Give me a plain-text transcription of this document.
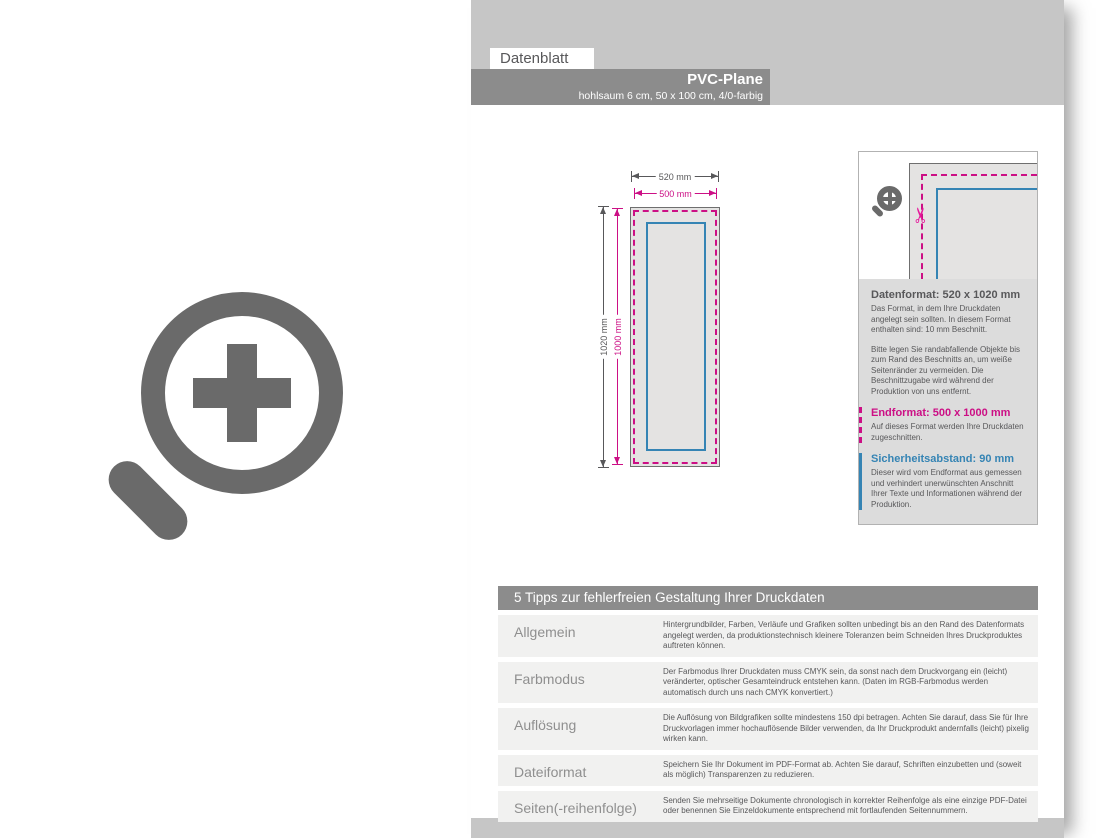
Datenblatt
PVC-Plane
hohlsaum 6 cm, 50 x 100 cm, 4/0-farbig
520 mm
500 mm
1020 mm 1000 mm
✂
Datenformat: 520 x 1020 mm

Das Format, in dem Ihre Druckdaten angelegt sein sollten. In diesem Format enthalten sind: 10 mm Beschnitt.

Bitte legen Sie randabfallende Objekte bis zum Rand des Beschnitts an, um weiße Seitenränder zu vermeiden. Die Beschnittzugabe wird während der Produktion von uns entfernt.

Endformat: 500 x 1000 mm

Auf dieses Format werden Ihre Druckdaten zugeschnitten.

Sicherheitsabstand: 90 mm

Dieser wird vom Endformat aus gemessen und verhindert unerwünschten Anschnitt Ihrer Texte und Informationen während der Produktion.

5 Tipps zur fehlerfreien Gestaltung Ihrer Druckdaten
Allgemein	Hintergrundbilder, Farben, Verläufe und Grafiken sollten unbedingt bis an den Rand des Datenformats angelegt werden, da produktionstechnisch kleinere Toleranzen beim Schneiden Ihres Druckproduktes auftreten können.
Farbmodus	Der Farbmodus Ihrer Druckdaten muss CMYK sein, da sonst nach dem Druckvorgang ein (leicht) veränderter, optischer Gesamteindruck entstehen kann. (Daten im RGB-Farbmodus werden automatisch durch uns nach CMYK konvertiert.)
Auflösung	Die Auflösung von Bildgrafiken sollte mindestens 150 dpi betragen. Achten Sie darauf, dass Sie für Ihre Druckvorlagen immer hochauflösende Bilder verwenden, da Ihr Druckprodukt andernfalls (leicht) pixelig wirken kann.
Dateiformat	Speichern Sie Ihr Dokument im PDF-Format ab. Achten Sie darauf, Schriften einzubetten und (soweit als möglich) Transparenzen zu reduzieren.
Seiten(-reihenfolge)	Senden Sie mehrseitige Dokumente chronologisch in korrekter Reihenfolge als eine einzige PDF-Datei oder benennen Sie Einzeldokumente entsprechend mit fortlaufenden Seitennummern.
